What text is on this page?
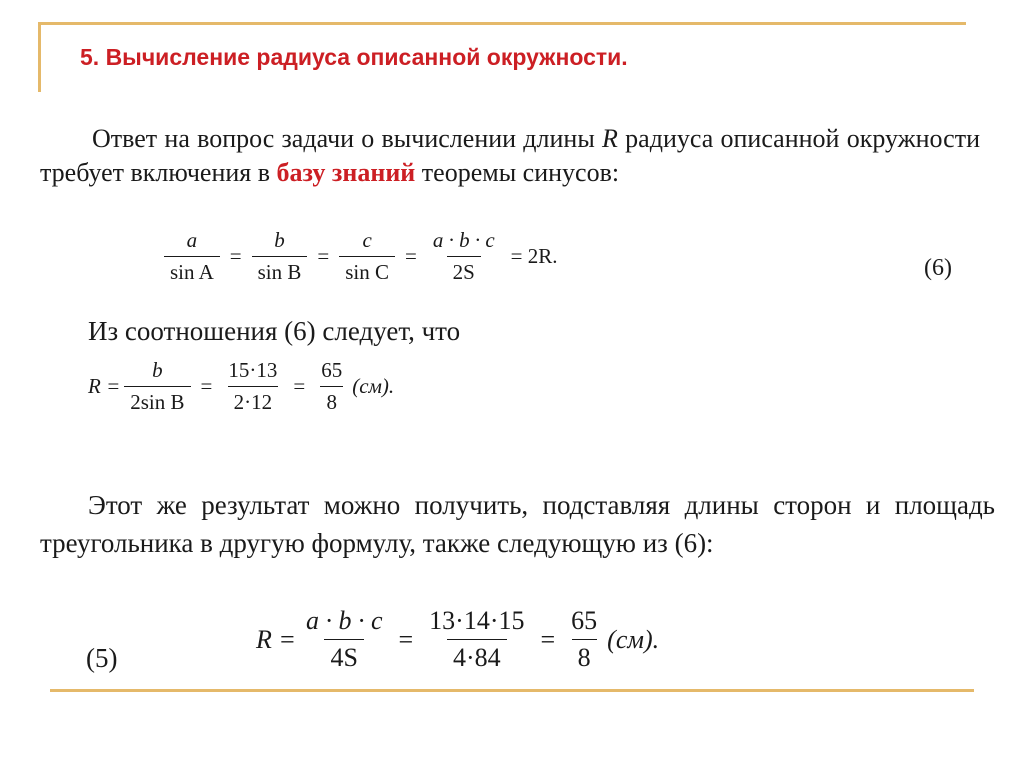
5. Вычисление радиуса описанной окружности.
Ответ на вопрос задачи о вычислении длины R радиуса описанной окружности требует включения в базу знаний теоремы синусов:
$\frac{a}{\text{sin A}} = \frac{b}{\text{sin B}} = \frac{c}{\text{sin C}} = \frac{a \cdot b \cdot c}{2S} = 2R$.	(6)
Из соотношения (6) следует, что
$R = \frac{b}{\text{2sin B}} = \frac{15\cdot 13}{2\cdot 12} = \frac{65}{8} (см)$.
Этот же результат можно получить, подставляя длины сторон и площадь треугольника в другую формулу, также следующую из (6):
(5)
$R = \frac{a \cdot b \cdot c}{4S} = \frac{13\cdot 14\cdot 15}{4\cdot 84} = \frac{65}{8} (см)$.
